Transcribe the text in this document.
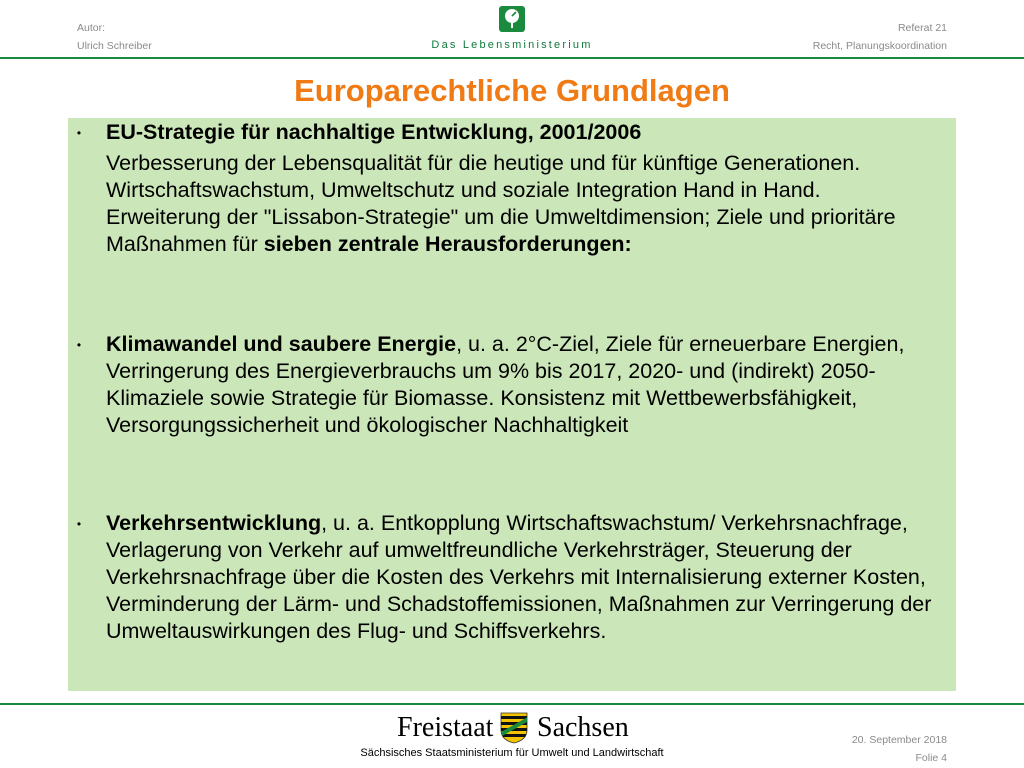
Autor:
Ulrich Schreiber	Das Lebensministerium
Referat 21
Recht, Planungskoordination
Europarechtliche Grundlagen
•	EU-Strategie für nachhaltige Entwicklung, 2001/2006
Verbesserung der Lebensqualität für die heutige und für künftige Generationen. Wirtschaftswachstum, Umweltschutz und soziale Integration Hand in Hand. Erweiterung der "Lissabon-Strategie" um die Umweltdimension; Ziele und prioritäre Maßnahmen für sieben zentrale Herausforderungen:
•	Klimawandel und saubere Energie, u. a. 2°C-Ziel, Ziele für erneuerbare Energien, Verringerung des Energieverbrauchs um 9% bis 2017, 2020- und (indirekt) 2050-Klimaziele sowie Strategie für Biomasse. Konsistenz mit Wettbewerbsfähigkeit, Versorgungssicherheit und ökologischer Nachhaltigkeit
•	Verkehrsentwicklung, u. a. Entkopplung Wirtschaftswachstum/ Verkehrsnachfrage, Verlagerung von Verkehr auf umweltfreundliche Verkehrsträger, Steuerung der Verkehrsnachfrage über die Kosten des Verkehrs mit Internalisierung externer Kosten, Verminderung der Lärm- und Schadstoffemissionen, Maßnahmen zur Verringerung der Umweltauswirkungen des Flug- und Schiffsverkehrs.
Freistaat Sachsen
Sächsisches Staatsministerium für Umwelt und Landwirtschaft
20. September 2018
Folie 4
